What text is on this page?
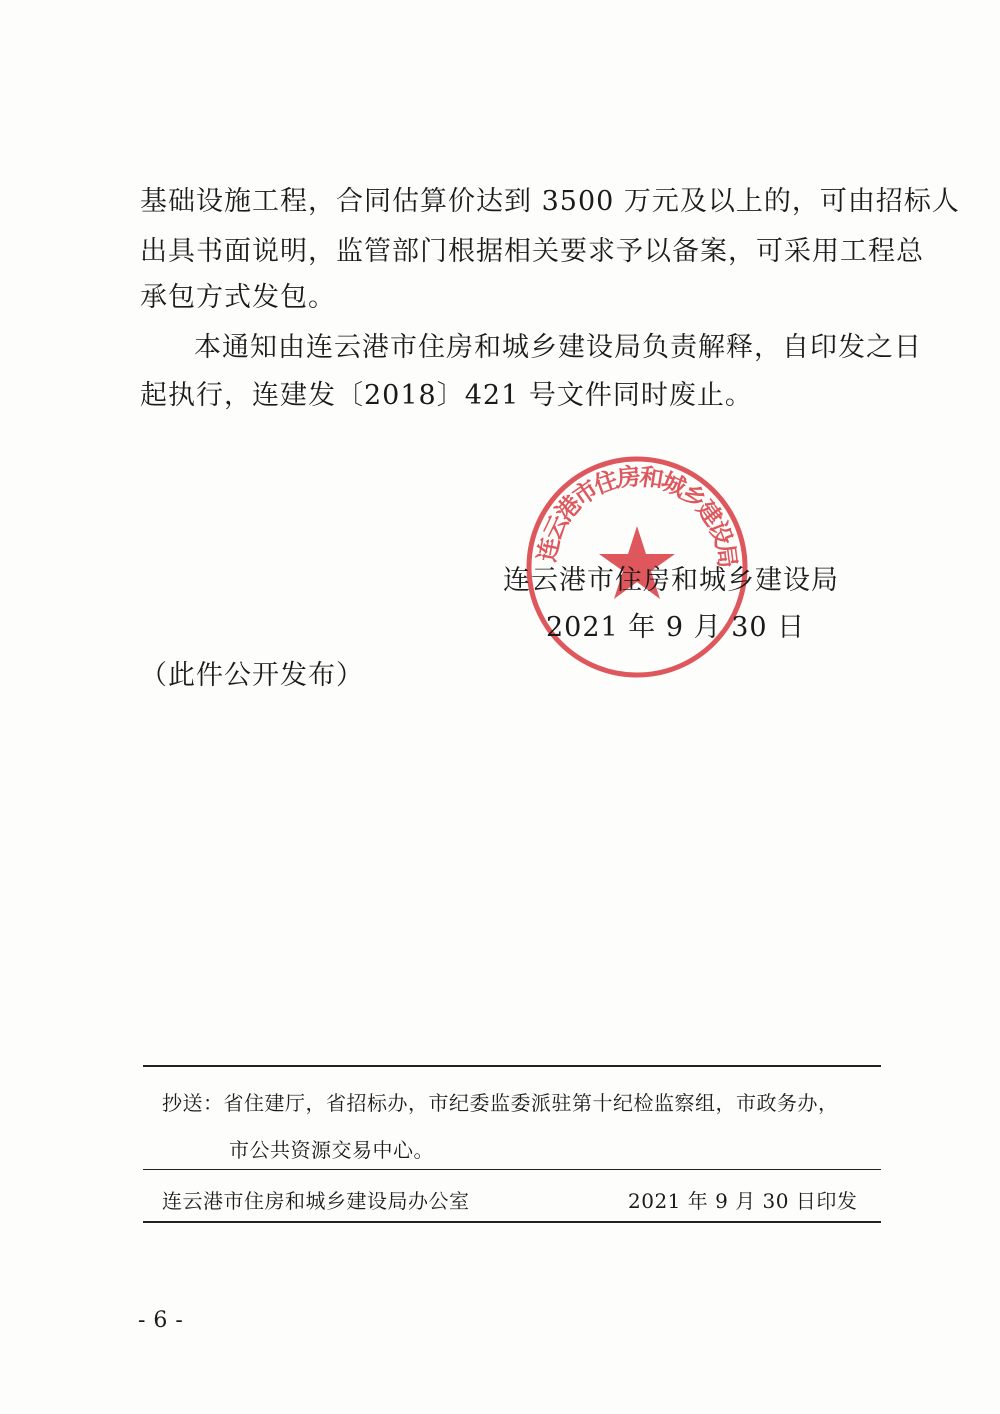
基础设施工程，合同估算价达到 3500 万元及以上的，可由招标人
出具书面说明，监管部门根据相关要求予以备案，可采用工程总
承包方式发包。
本通知由连云港市住房和城乡建设局负责解释，自印发之日
起执行，连建发〔2018〕421 号文件同时废止。
连云港市住房和城乡建设局
连云港市住房和城乡建设局
2021 年 9 月 30 日
（此件公开发布）
抄送：省住建厅，省招标办，市纪委监委派驻第十纪检监察组，市政务办，
市公共资源交易中心。
连云港市住房和城乡建设局办公室	2021 年 9 月 30 日印发
- 6 -
